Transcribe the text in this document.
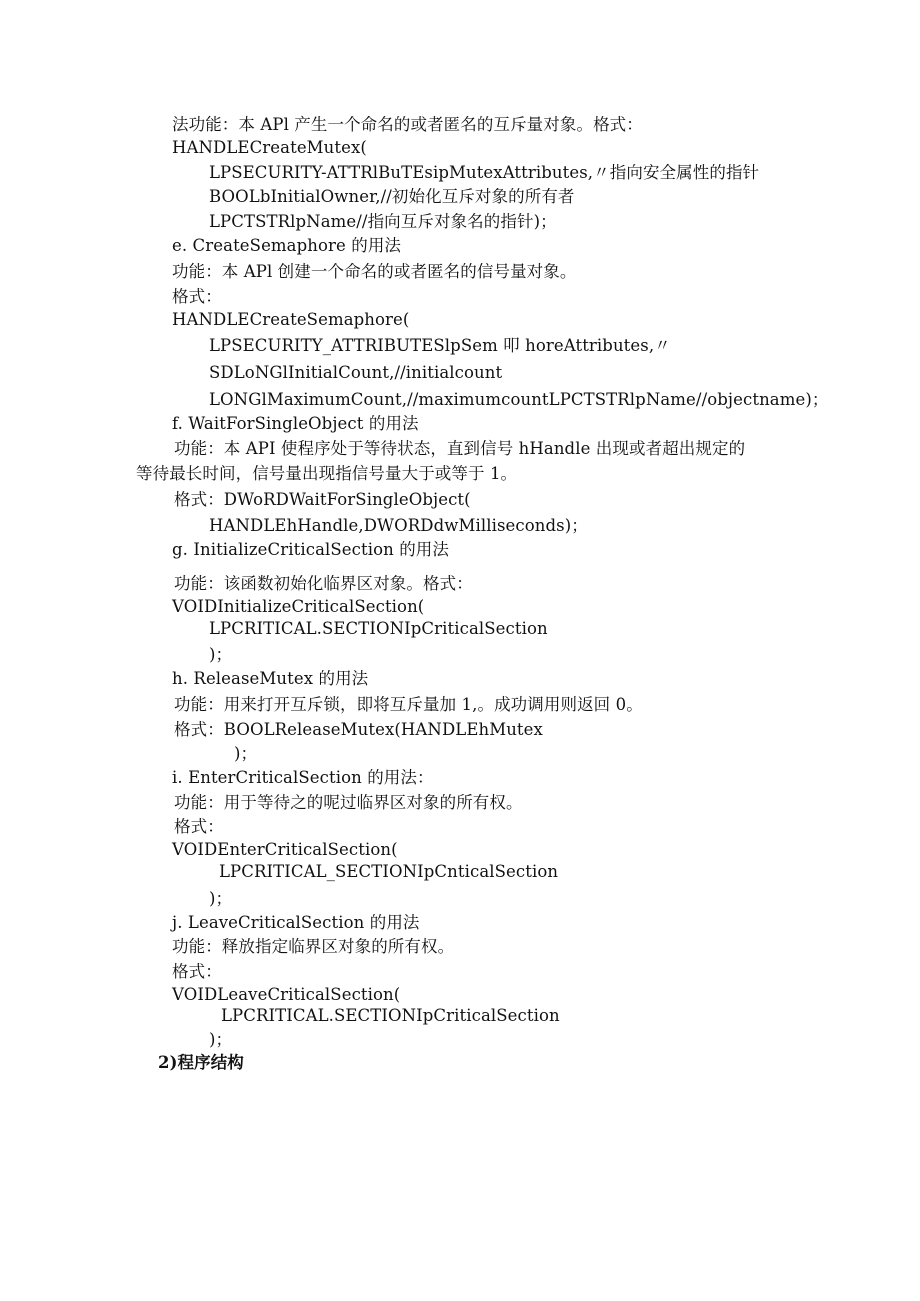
法功能：本 APl 产生一个命名的或者匿名的互斥量对象。格式：
HANDLECreateMutex(
LPSECURITY-ATTRlBuTEsipMutexAttributes,〃指向安全属性的指针
BOOLbInitialOwner,//初始化互斥对象的所有者
LPCTSTRlpName//指向互斥对象名的指针)；
e. CreateSemaphore 的用法
功能：本 APl 创建一个命名的或者匿名的信号量对象。
格式：
HANDLECreateSemaphore(
LPSECURITY_ATTRIBUTESlpSem 叩 horeAttributes,〃
SDLoNGlInitialCount,//initialcount
LONGlMaximumCount,//maximumcountLPCTSTRlpName//objectname)；
f. WaitForSingleObject 的用法
功能：本 API 使程序处于等待状态，直到信号 hHandle 出现或者超出规定的
等待最长时间，信号量出现指信号量大于或等于 1。
格式：DWoRDWaitForSingleObject(
HANDLEhHandle,DWORDdwMilliseconds)；
g. InitializeCriticalSection 的用法
功能：该函数初始化临界区对象。格式：
VOIDInitializeCriticalSection(
LPCRITICAL.SECTIONIpCriticalSection
)；
h. ReleaseMutex 的用法
功能：用来打开互斥锁，即将互斥量加 1,。成功调用则返回 0。
格式：BOOLReleaseMutex(HANDLEhMutex
)；
i. EnterCriticalSection 的用法：
功能：用于等待之的呢过临界区对象的所有权。
格式：
VOIDEnterCriticalSection(
LPCRITICAL_SECTIONIpCnticalSection
)；
j. LeaveCriticalSection 的用法
功能：释放指定临界区对象的所有权。
格式：
VOIDLeaveCriticalSection(
LPCRITICAL.SECTIONIpCriticalSection
)；
2)程序结构
